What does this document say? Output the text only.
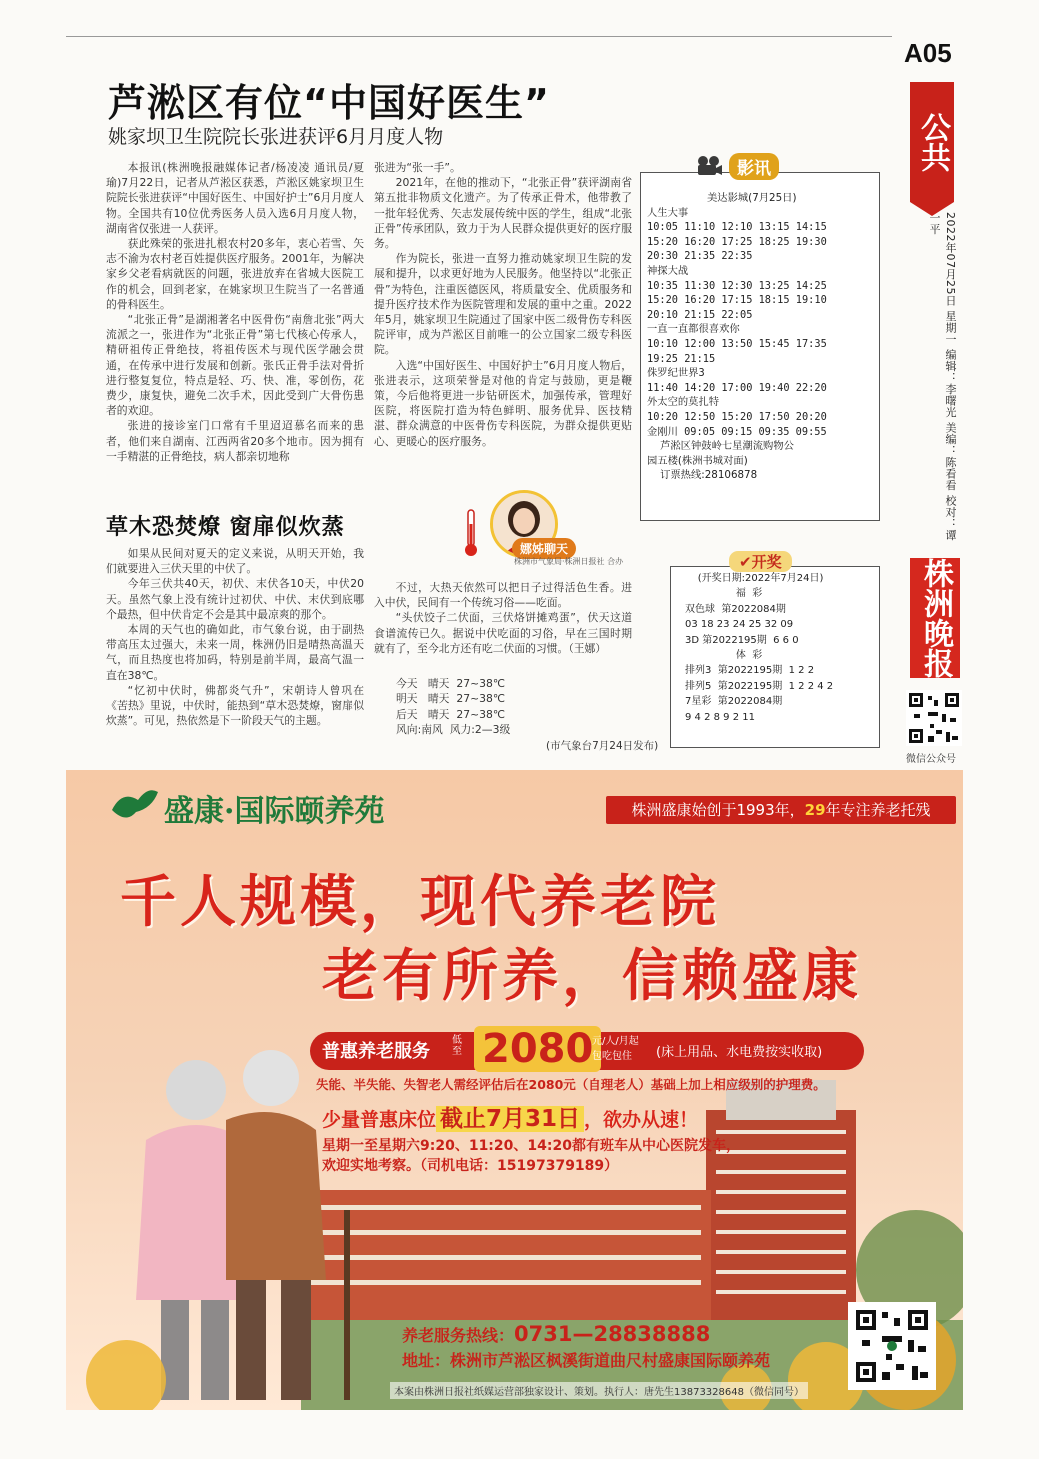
A05
公共
2022年07月25日 星期一 编辑：李曙光 美编：陈看看 校对：谭一平
株洲晚报
微信公众号
芦淞区有位“中国好医生”
姚家坝卫生院院长张进获评6月月度人物

本报讯(株洲晚报融媒体记者/杨凌凌 通讯员/夏瑜)7月22日，记者从芦淞区获悉，芦淞区姚家坝卫生院院长张进获评“中国好医生、中国好护士”6月月度人物。全国共有10位优秀医务人员入选6月月度人物，湖南省仅张进一人获评。

获此殊荣的张进扎根农村20多年，衷心若雪、矢志不渝为农村老百姓提供医疗服务。2001年，为解决家乡父老看病就医的问题，张进放弃在省城大医院工作的机会，回到老家，在姚家坝卫生院当了一名普通的骨科医生。

“北张正骨”是湖湘著名中医骨伤“南詹北张”两大流派之一，张进作为“北张正骨”第七代核心传承人，精研祖传正骨绝技，将祖传医术与现代医学融会贯通，在传承中进行发展和创新。张氏正骨手法对骨折进行整复复位，特点是轻、巧、快、准，零创伤，花费少，康复快，避免二次手术，因此受到广大骨伤患者的欢迎。

张进的接诊室门口常有千里迢迢慕名而来的患者，他们来自湖南、江西两省20多个地市。因为拥有一手精湛的正骨绝技，病人都亲切地称

张进为“张一手”。

2021年，在他的推动下，“北张正骨”获评湖南省第五批非物质文化遗产。为了传承正骨术，他带教了一批年轻优秀、矢志发展传统中医的学生，组成“北张正骨”传承团队，致力于为人民群众提供更好的医疗服务。

作为院长，张进一直努力推动姚家坝卫生院的发展和提升，以求更好地为人民服务。他坚持以“北张正骨”为特色，注重医德医风，将质量安全、优质服务和提升医疗技术作为医院管理和发展的重中之重。2022年5月，姚家坝卫生院通过了国家中医二级骨伤专科医院评审，成为芦淞区目前唯一的公立国家二级专科医院。

入选“中国好医生、中国好护士”6月月度人物后，张进表示，这项荣誉是对他的肯定与鼓励，更是鞭策，今后他将更进一步钻研医术，加强传承，管理好医院，将医院打造为特色鲜明、服务优异、医技精湛、群众满意的中医骨伤专科医院，为群众提供更贴心、更暖心的医疗服务。

影讯
美达影城(7月25日)
人生大事
10:05 11:10 12:10 13:15 14:15
15:20 16:20 17:25 18:25 19:30
20:30 21:35 22:35
神探大战
10:35 11:30 12:30 13:25 14:25
15:20 16:20 17:15 18:15 19:10
20:10 21:15 22:05
一直一直都很喜欢你
10:10 12:00 13:50 15:45 17:35
19:25 21:15
侏罗纪世界3
11:40 14:20 17:00 19:40 22:20
外太空的莫扎特
10:20 12:50 15:20 17:50 20:20
金刚川 09:05 09:15 09:35 09:55
芦淞区钟鼓岭七星潮流购物公
园五楼(株洲书城对面)
订票热线:28106878
✔开奖
(开奖日期:2022年7月24日)
福  彩
双色球  第2022084期
03 18 23 24 25 32 09
3D 第2022195期  6 6 0
体  彩
排列3  第2022195期  1 2 2
排列5  第2022195期  1 2 2 4 2
7星彩  第2022084期
9 4 2 8 9 2 11
草木恐焚燎 窗扉似炊蒸
娜姊聊天
株洲市气象局·株洲日报社 合办

如果从民间对夏天的定义来说，从明天开始，我们就要进入三伏天里的中伏了。

今年三伏共40天，初伏、末伏各10天，中伏20天。虽然气象上没有统计过初伏、中伏、末伏到底哪个最热，但中伏肯定不会是其中最凉爽的那个。

本周的天气也的确如此，市气象台说，由于副热带高压太过强大，未来一周，株洲仍旧是晴热高温天气，而且热度也将加码，特别是前半周，最高气温一直在38℃。

“忆初中伏时，佛都炎气升”，宋朝诗人曾巩在《苦热》里说，中伏时，能热到“草木恐焚燎，窗扉似炊蒸”。可见，热依然是下一阶段天气的主题。

不过，大热天依然可以把日子过得活色生香。进入中伏，民间有一个传统习俗——吃面。

“头伏饺子二伏面，三伏烙饼摊鸡蛋”，伏天这道食谱流传已久。据说中伏吃面的习俗，早在三国时期就有了，至今北方还有吃二伏面的习惯。（王娜）

今天   晴天  27~38℃
明天   晴天  27~38℃
后天   晴天  27~38℃
风向:南风  风力:2—3级
(市气象台7月24日发布)
盛康·国际颐养苑	株洲盛康始创于1993年，29年专注养老托残
千人规模，现代养老院
老有所养，信赖盛康
普惠养老服务
低至 2080
元/人/月起
包吃包住	(床上用品、水电费按实收取)
失能、半失能、失智老人需经评估后在2080元（自理老人）基础上加上相应级别的护理费。
少量普惠床位 截止7月31日 ，欲办从速！
星期一至星期六9:20、11:20、14:20都有班车从中心医院发车，
欢迎实地考察。（司机电话：15197379189）
养老服务热线：0731—28838888
地址：株洲市芦淞区枫溪街道曲尺村盛康国际颐养苑
本案由株洲日报社纸媒运营部独家设计、策划。执行人：唐先生13873328648（微信同号）
